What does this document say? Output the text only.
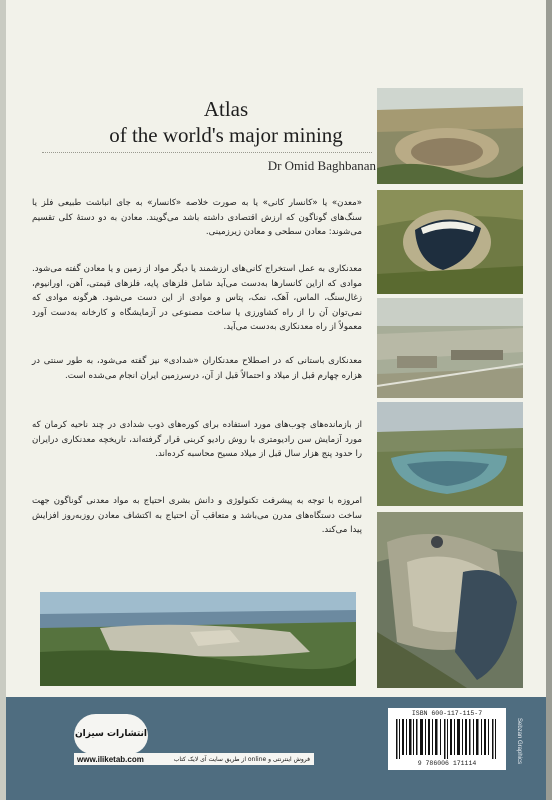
Atlas
of the world's major mining
Dr Omid Baghbanan

«معدن» یا «کانسار کانی» یا به صورت خلاصه «کانسار» به جای انباشت طبیعی فلز یا سنگ‌های گوناگون که ارزش اقتصادی داشته باشد می‌گویند. معادن به دو دستهٔ کلی تقسیم می‌شوند: معادن سطحی و معادن زیرزمینی.

معدنکاری به عمل استخراج کانی‌های ارزشمند یا دیگر مواد از زمین و یا معادن گفته می‌شود. موادی که ازاین کانسارها به‌دست می‌آید شامل فلزهای پایه، فلزهای قیمتی، آهن، اورانیوم، زغال‌سنگ، الماس، آهک، نمک، پتاس و موادی از این دست می‌شود. هرگونه موادی که نمی‌توان آن را از راه کشاورزی یا ساخت مصنوعی در آزمایشگاه و کارخانه به‌دست آورد معمولاً از راه معدنکاری به‌دست می‌آید.

معدنکاری باستانی که در اصطلاح معدنکاران «شدادی» نیز گفته می‌شود، به طور سنتی در هزاره چهارم قبل از میلاد و احتمالاً قبل از آن، درسرزمین ایران انجام می‌شده است.

از بازمانده‌های چوب‌های مورد استفاده برای کوره‌های ذوب شدادی در چند ناحیه کرمان که مورد آزمایش سن رادیومتری با روش رادیو کربنی قرار گرفته‌اند، تاریخچه معدنکاری درایران را حدود پنج هزار سال قبل از میلاد مسیح محاسبه کرده‌اند.

امروزه با توجه به پیشرفت تکنولوژی و دانش بشری احتیاج به مواد معدنی گوناگون جهت ساخت دستگاه‌های مدرن می‌باشد و متعاقب آن احتیاج به اکتشاف معادن روزبه‌روز افزایش پیدا می‌کند.

انتشارات سیزان
www.iliketab.com	فروش اینترنتی و online از طریق سایت آی لایک کتاب
ISBN 600-117-115-7
9 786006 171114	Sebzan Graphics
